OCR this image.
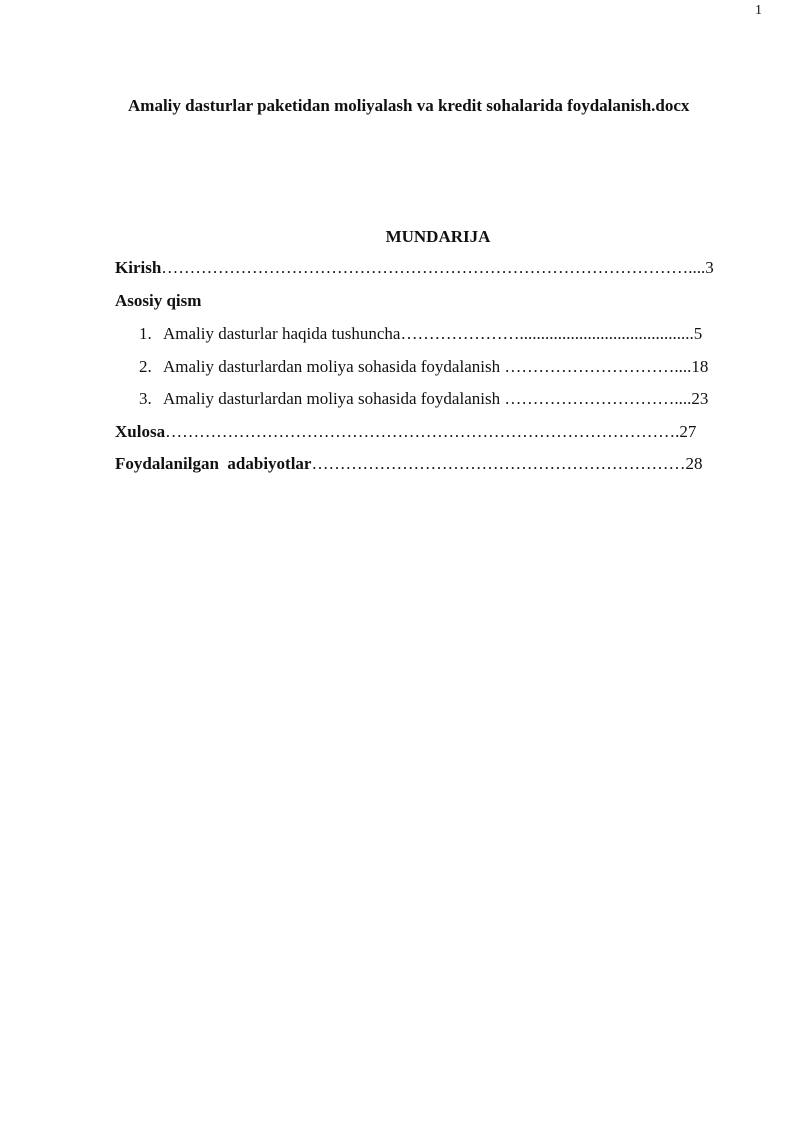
1
Amaliy dasturlar paketidan moliyalash va kredit sohalarida foydalanish.docx
MUNDARIJA
Kirish…………………………………………………………………………………....3
Asosiy qism
1. Amaliy dasturlar haqida tushuncha………………….........................................5
2. Amaliy dasturlardan moliya sohasida foydalanish …………………………....18
3. Amaliy dasturlardan moliya sohasida foydalanish …………………………....23
Xulosa……………………………………………………………………………….27
Foydalanilgan  adabiyotlar…………………………………………………………28
